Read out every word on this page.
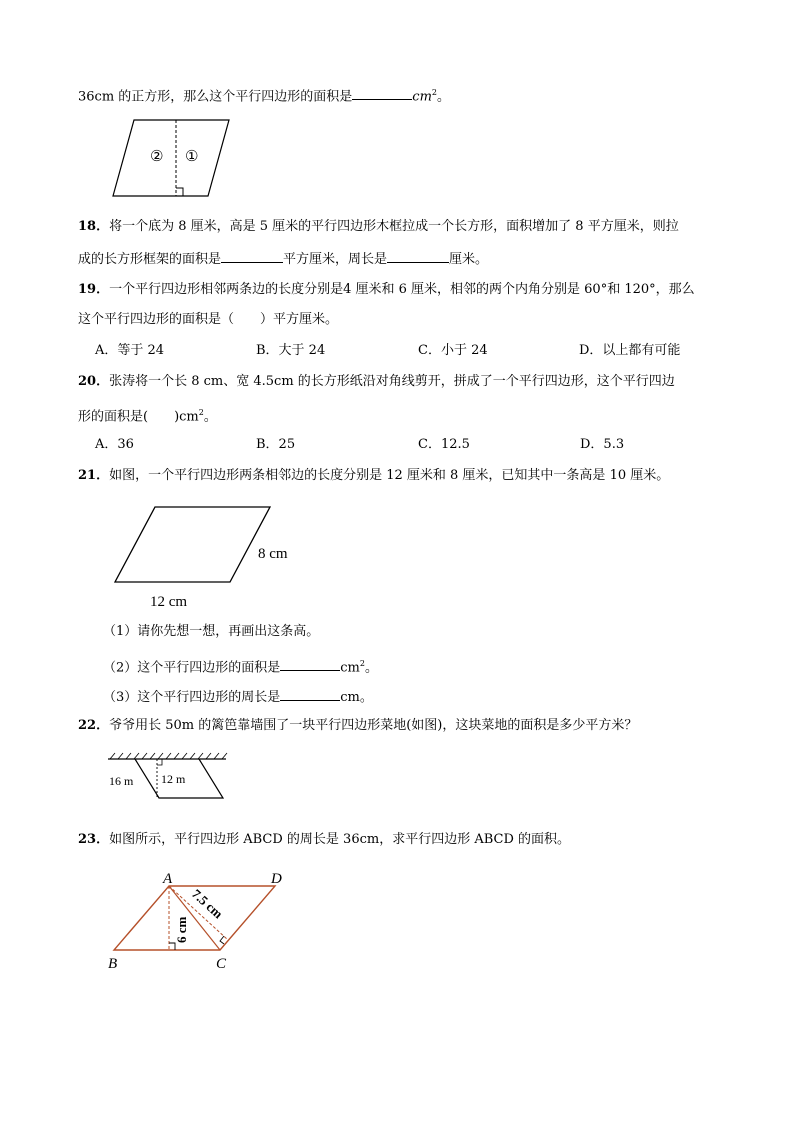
36cm 的正方形，那么这个平行四边形的面积是	$cm^2$。
② ①
18．将一个底为 8 厘米，高是 5 厘米的平行四边形木框拉成一个长方形，面积增加了 8 平方厘米，则拉
成的长方形框架的面积是	平方厘米，周长是	厘米。
19．一个平行四边形相邻两条边的长度分别是4 厘米和 6 厘米，相邻的两个内角分别是 60°和 120°，那么
这个平行四边形的面积是（　　）平方厘米。
A．等于 24	B．大于 24	C．小于 24	D．以上都有可能
20．张涛将一个长 8 cm、宽 4.5cm 的长方形纸沿对角线剪开，拼成了一个平行四边形，这个平行四边
形的面积是(　　)$cm^2$。
A．36	B．25	C．12.5	D．5.3
21．如图，一个平行四边形两条相邻边的长度分别是 12 厘米和 8 厘米，已知其中一条高是 10 厘米。
8 cm
12 cm
（1）请你先想一想，再画出这条高。
（2）这个平行四边形的面积是	$cm^2$。
（3）这个平行四边形的周长是	cm。
22．爷爷用长 50m 的篱笆靠墙围了一块平行四边形菜地(如图)，这块菜地的面积是多少平方米？
16 m 12 m
23．如图所示，平行四边形 ABCD 的周长是 36cm，求平行四边形 ABCD 的面积。
A	D
B	C
6 cm
7.5 cm
